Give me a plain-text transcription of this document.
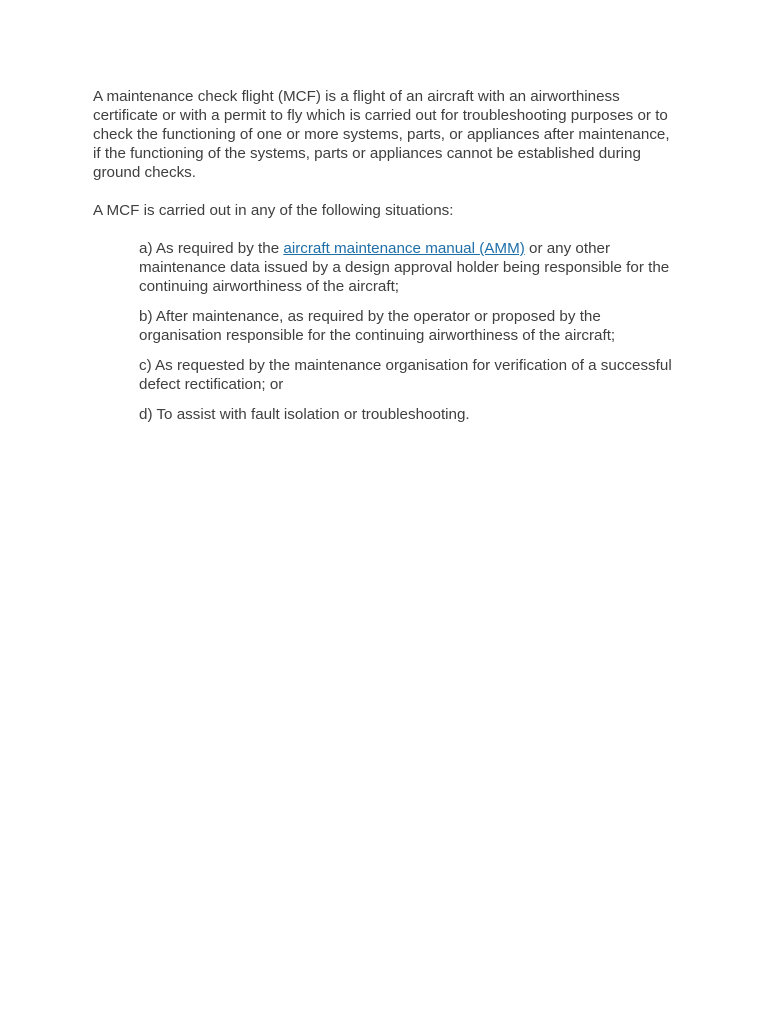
A maintenance check flight (MCF) is a flight of an aircraft with an airworthiness certificate or with a permit to fly which is carried out for troubleshooting purposes or to check the functioning of one or more systems, parts, or appliances after maintenance, if the functioning of the systems, parts or appliances cannot be established during ground checks.

A MCF is carried out in any of the following situations:

a) As required by the aircraft maintenance manual (AMM) or any other maintenance data issued by a design approval holder being responsible for the continuing airworthiness of the aircraft;
b) After maintenance, as required by the operator or proposed by the organisation responsible for the continuing airworthiness of the aircraft;
c) As requested by the maintenance organisation for verification of a successful defect rectification; or
d) To assist with fault isolation or troubleshooting.
